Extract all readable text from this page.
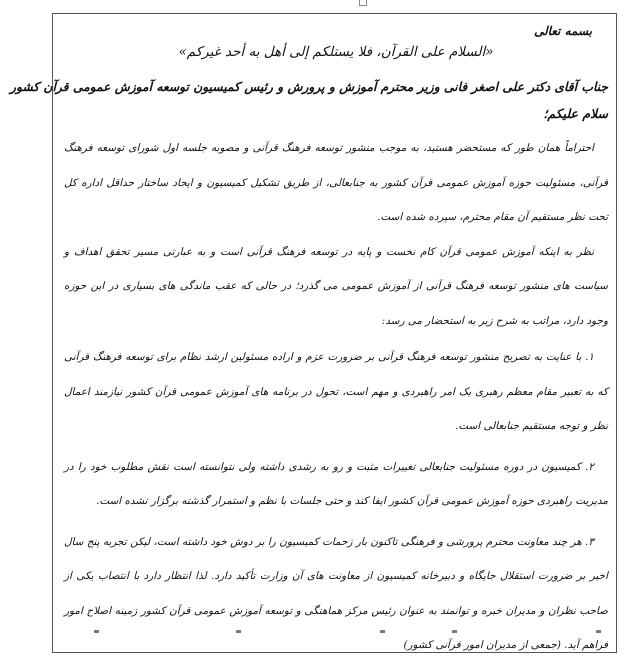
بسمه تعالی
«السلام علی القرآن، فلا يستلكم إلى أهل به أحد غيركم»
جناب آقای دکتر علی اصغر فانی وزیر محترم آموزش و پرورش و رئیس کمیسیون توسعه آموزش عمومی قرآن کشور
سلام علیکم؛

احتراماً همان طور که مستحضر هستید، به موجب منشور توسعه فرهنگ قرآنی و مصوبه جلسه اول شورای توسعه فرهنگ قرآنی، مسئولیت حوزه آموزش عمومی قرآن کشور به جنابعالی، از طریق تشکیل کمیسیون و ایجاد ساختار حداقل اداره کل تحت نظر مستقیم آن مقام محترم، سپرده شده است.

نظر به اینکه آموزش عمومی قرآن کام نخست و پایه در توسعه فرهنگ قرآنی است و به عبارتی مسیر تحقق اهداف و سیاست های منشور توسعه فرهنگ قرآنی از آموزش عمومی می گذرد؛ در حالی که عقب ماندگی های بسیاری در این حوزه وجود دارد، مراتب به شرح زیر به استحضار می رسد:

۱. با عنایت به تصریح منشور توسعه فرهنگ قرآنی بر ضرورت عزم و اراده مسئولین ارشد نظام برای توسعه فرهنگ قرآنی که به تعبیر مقام معظم رهبری یک امر راهبردی و مهم است، تحول در برنامه های آموزش عمومی قرآن کشور نیازمند اعمال نظر و توجه مستقیم جنابعالی است.

۲. کمیسیون در دوره مسئولیت جنابعالی تغییرات مثبت و رو به رشدی داشته ولی نتوانسته است نقش مطلوب خود را در مدیریت راهبردی حوزه آموزش عمومی قرآن کشور ایفا کند و حتی جلسات با نظم و استمرار گذشته برگزار نشده است.

۳. هر چند معاونت محترم پرورشی و فرهنگی تاکنون بار زحمات کمیسیون را بر دوش خود داشته است، لیکن تجربه پنج سال اخیر بر ضرورت استقلال جایگاه و دبیرخانه کمیسیون از معاونت های آن وزارت تأکید دارد. لذا انتظار دارد با انتصاب یکی از صاحب نظران و مدیران خبره و توانمند به عنوان رئیس مرکز هماهنگی و توسعه آموزش عمومی قرآن کشور زمینه اصلاح امور فراهم آید. (جمعی از مدیران امور قرآنی کشور)
